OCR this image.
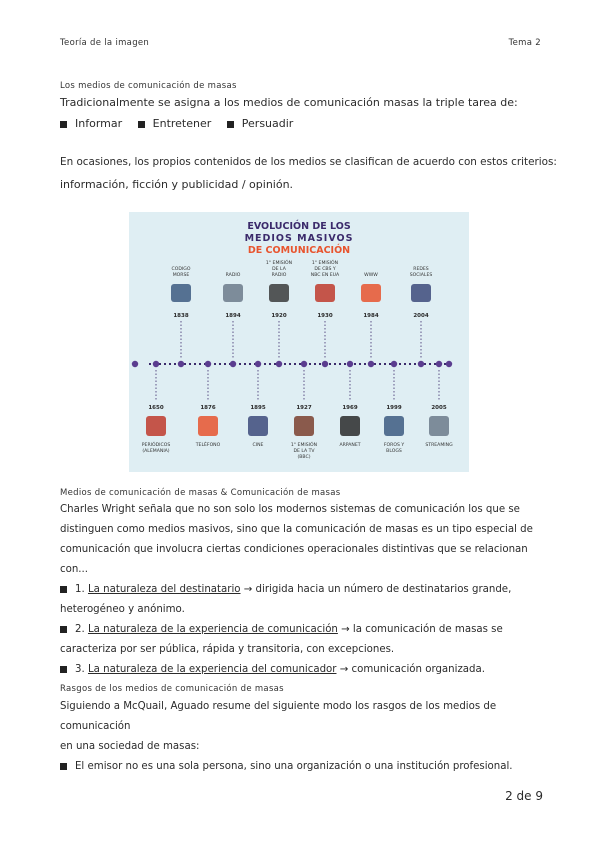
Teoría de la imagen	Tema 2
Los medios de comunicación de masas
Tradicionalmente se asigna a los medios de comunicación masas la triple tarea de:
Informar	Entretener	Persuadir
En ocasiones, los propios contenidos de los medios se clasifican de acuerdo con estos criterios:
información, ficción y publicidad / opinión.
EVOLUCIÓN DE LOS
MEDIOS MASIVOS
DE COMUNICACIÓN
CODIGO
MORSE
1838
RADIO
1894
1° EMISIÓN
DE LA
RADIO
1920
1° EMISIÓN
DE CBS Y
NBC EN EUA
1930
WWW
1984
REDES
SOCIALES
2004
1650
PERIÓDICOS
(ALEMANIA)
1876
TELÉFONO
1895
CINE
1927
1° EMISIÓN
DE LA TV
(BBC)
1969
ARPANET
1999
FOROS Y
BLOGS
2005
STREAMING
Medios de comunicación de masas & Comunicación de masas
Charles Wright señala que no son solo los modernos sistemas de comunicación los que se
distinguen como medios masivos, sino que la comunicación de masas es un tipo especial de
comunicación que involucra ciertas condiciones operacionales distintivas que se relacionan con...
1. La naturaleza del destinatario → dirigida hacia un número de destinatarios grande,
heterogéneo y anónimo.
2. La naturaleza de la experiencia de comunicación → la comunicación de masas se
caracteriza por ser pública, rápida y transitoria, con excepciones.
3. La naturaleza de la experiencia del comunicador → comunicación organizada.
Rasgos de los medios de comunicación de masas
Siguiendo a McQuail, Aguado resume del siguiente modo los rasgos de los medios de comunicación
en una sociedad de masas:
El emisor no es una sola persona, sino una organización o una institución profesional.
2 de 9
